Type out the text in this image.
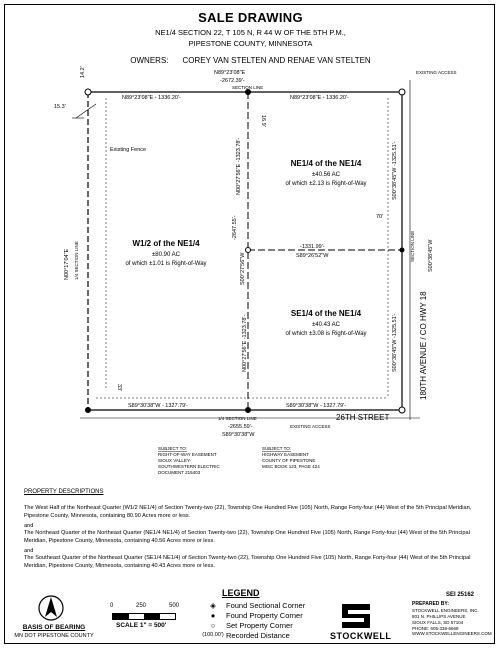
SALE DRAWING
NE1/4 SECTION 22, T 105 N, R 44 W OF THE 5TH P.M.,
PIPESTONE COUNTY, MINNESOTA
OWNERS: COREY VAN STELTEN AND RENAE VAN STELTEN
N89°23'08"E
-2672.39'-
SECTION LINE
N89°23'08"E - 1336.20'-	N89°23'08"E - 1336.20'-
14.2'
15.3'
16.9'
Existing Fence
EXISTING ACCESS
N00°17'04"E 1/4 SECTION LINE
N00°27'56"E -1323.78'-
-2647.55'-
S00°27'56"W
N00°27'56"E -1323.78'-
S00°38'45"W -1325.51'-
S00°38'45"W -1325.51'-
S00°38'45"W
SECTION LINE
70'
33'	180TH AVENUE / CO HWY 18
-1331.99'-
S89°26'52"W
S89°30'38"W - 1327.79'-	S89°30'38"W - 1327.79'-
26TH STREET
1/4 SECTION LINE
-2655.59'-
S89°30'38"W
EXISTING ACCESS
NE1/4 of the NE1/4
±40.56 AC
of which ±2.13 is Right-of-Way
W1/2 of the NE1/4
±80.90 AC
of which ±1.01 is Right-of-Way
SE1/4 of the NE1/4
±40.43 AC
of which ±3.08 is Right-of-Way
SUBJECT TO:
RIGHT-OF-WAY EASEMENT
SIOUX VALLEY-
SOUTHWESTERN ELECTRIC
DOCUMENT 215403
SUBJECT TO:
HIGHWAY EASEMENT
COUNTY OF PIPESTONE
MISC BOOK 123, PAGE 424
PROPERTY DESCRIPTIONS
The West Half of the Northeast Quarter (W1/2 NE1/4) of Section Twenty-two (22), Township One Hundred Five (105) North, Range Forty-four (44) West of the 5th Principal Meridian, Pipestone County, Minnesota, containing 80.90 Acres more or less.
and
The Northeast Quarter of the Northeast Quarter (NE1/4 NE1/4) of Section Twenty-two (22), Township One Hundred Five (105) North, Range Forty-four (44) West of the 5th Principal Meridian, Pipestone County, Minnesota, containing 40.56 Acres more or less.
and
The Southeast Quarter of the Northeast Quarter (SE1/4 NE1/4) of Section Twenty-two (22), Township One Hundred Five (105) North, Range Forty-four (44) West of the 5th Principal Meridian, Pipestone County, Minnesota, containing 40.43 Acres more or less.
BASIS OF BEARING
MN DOT PIPESTONE COUNTY
0	250	500
SCALE 1" = 500'
LEGEND
◈	Found Sectional Corner
●	Found Property Corner
○	Set Property Corner
(100.00') Recorded Distance	STOCKWELL
SEI 25162
PREPARED BY:
STOCKWELL ENGINEERS, INC.
801 N. PHILLIPS AVENUE
SIOUX FALLS, SD 57104
PHONE: 605-338-6668
WWW.STOCKWELLENGINEERS.COM
